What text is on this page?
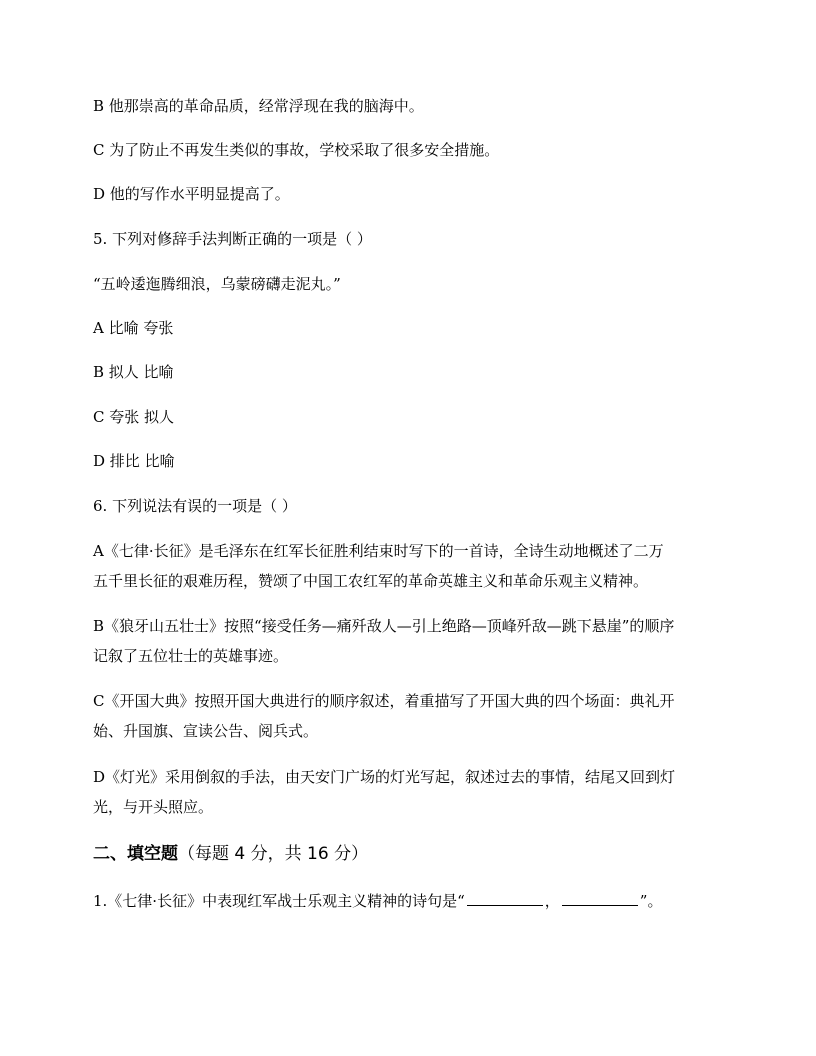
B 他那崇高的革命品质，经常浮现在我的脑海中。
C 为了防止不再发生类似的事故，学校采取了很多安全措施。
D 他的写作水平明显提高了。
5. 下列对修辞手法判断正确的一项是（ ）
“五岭逶迤腾细浪，乌蒙磅礴走泥丸。”
A 比喻 夸张
B 拟人 比喻
C 夸张 拟人
D 排比 比喻
6. 下列说法有误的一项是（ ）
A《七律·长征》是毛泽东在红军长征胜利结束时写下的一首诗，全诗生动地概述了二万
五千里长征的艰难历程，赞颂了中国工农红军的革命英雄主义和革命乐观主义精神。
B《狼牙山五壮士》按照“接受任务—痛歼敌人—引上绝路—顶峰歼敌—跳下悬崖”的顺序
记叙了五位壮士的英雄事迹。
C《开国大典》按照开国大典进行的顺序叙述，着重描写了开国大典的四个场面：典礼开
始、升国旗、宣读公告、阅兵式。
D《灯光》采用倒叙的手法，由天安门广场的灯光写起，叙述过去的事情，结尾又回到灯
光，与开头照应。
二、填空题（每题 4 分，共 16 分）
1.《七律·长征》中表现红军战士乐观主义精神的诗句是“	，	”。
